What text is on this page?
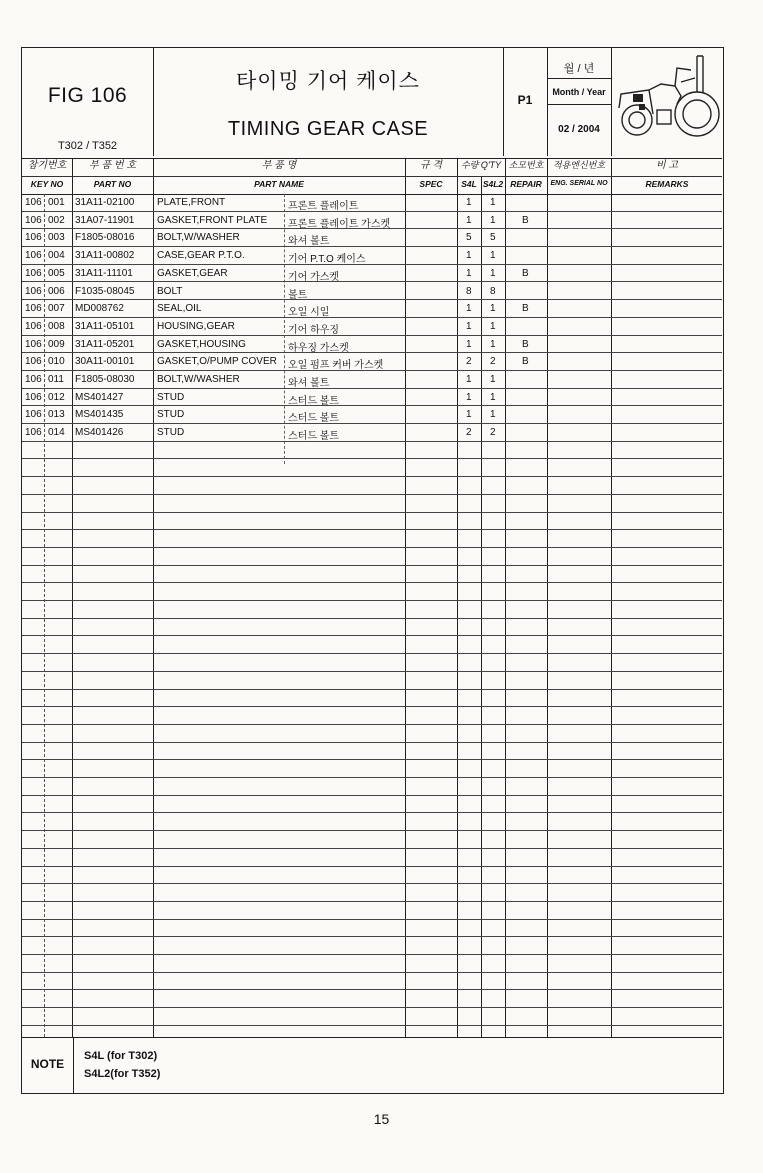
FIG 106
T302 / T352
타이밍 기어 케이스
TIMING GEAR CASE
P1
월 / 년
Month / Year
02 / 2004
참기번호
KEY NO
부 품 번 호
PART NO
부 품 명
PART NAME
규 격
SPEC
수량 Q'TY
S4L S4L2
소모번호
REPAIR
적용엔신번호
ENG. SERIAL NO
비 고
REMARKS
106 001 31A11-02100 PLATE,FRONT	프론트 플레이트	1 1
106 002 31A07-11901 GASKET,FRONT PLATE 프론트 플레이트 가스켓	1 1	B
106 003 F1805-08016 BOLT,W/WASHER	와셔 볼트	5 5
106 004 31A11-00802 CASE,GEAR P.T.O.	기어 P.T.O 케이스	1 1
106 005 31A11-11101 GASKET,GEAR	기어 가스켓	1 1	B
106 006 F1035-08045 BOLT	볼트	8 8
106 007 MD008762	SEAL,OIL	오일 시일	1 1	B
106 008 31A11-05101 HOUSING,GEAR	기어 하우징	1 1
106 009 31A11-05201 GASKET,HOUSING	하우징 가스켓	1 1	B
106 010 30A11-00101 GASKET,O/PUMP COVER 오일 펌프 커버 가스켓	2 2	B
106 011 F1805-08030 BOLT,W/WASHER	와셔 볼트	1 1
106 012 MS401427	STUD	스터드 볼트	1 1
106 013 MS401435	STUD	스터드 볼트	1 1
106 014 MS401426	STUD	스터드 볼트	2 2
NOTE
S4L (for T302)
S4L2(for T352)
15
